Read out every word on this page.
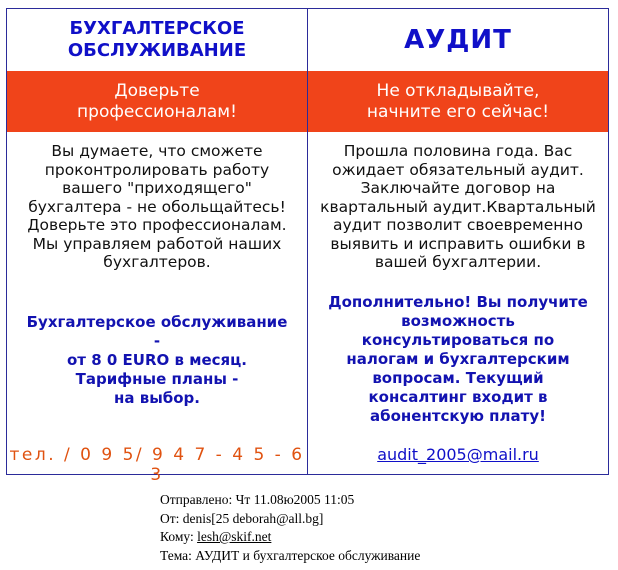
БУХГАЛТЕРСКОЕ ОБСЛУЖИВАНИЕ
Доверьте
профессионалам!
Вы думаете, что сможете
проконтролировать работу
вашего "приходящего"
бухгалтера - не обольщайтесь!
Доверьте это профессионалам.
Мы управляем работой наших
бухгалтеров.
Бухгалтерское обслуживание
-
от 8 0 EURO в месяц.
Тарифные планы -
на выбор.
тел. / 0 9 5/ 9 4 7 - 4 5 - 6 3
АУДИТ
Не откладывайте,
начните его сейчас!
Прошла половина года. Вас
ожидает обязательный аудит.
Заключайте договор на
квартальный аудит.Квартальный
аудит позволит своевременно
выявить и исправить ошибки в
вашей бухгалтерии.
Дополнительно! Вы получите
возможность
консультироваться по
налогам и бухгалтерским
вопросам. Текущий
консалтинг входит в
абонентскую плату!
audit_2005@mail.ru
Отправлено: Чт 11.08ю2005 11:05
От: denis[25 deborah@all.bg]
Кому: lesh@skif.net
Тема: АУДИТ и бухгалтерское обслуживание
